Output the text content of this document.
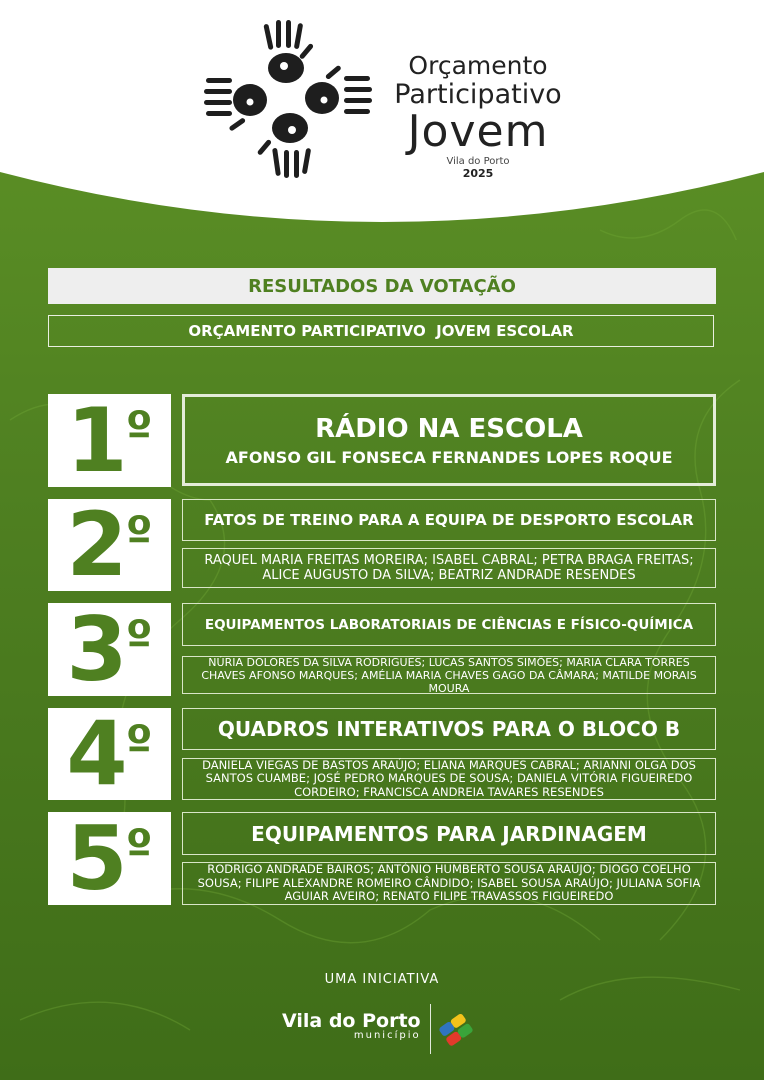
Orçamento
Participativo
Jovem
Vila do Porto
2025
RESULTADOS DA VOTAÇÃO
ORÇAMENTO PARTICIPATIVO  JOVEM ESCOLAR
1 º	RÁDIO NA ESCOLA
AFONSO GIL FONSECA FERNANDES LOPES ROQUE
2 º	FATOS DE TREINO PARA A EQUIPA DE DESPORTO ESCOLAR
RAQUEL MARIA FREITAS MOREIRA; ISABEL CABRAL; PETRA BRAGA FREITAS; ALICE AUGUSTO DA SILVA; BEATRIZ ANDRADE RESENDES
3 º	EQUIPAMENTOS LABORATORIAIS DE CIÊNCIAS E FÍSICO-QUÍMICA
NÚRIA DOLORES DA SILVA RODRIGUES; LUCAS SANTOS SIMÕES; MARIA CLARA TORRES CHAVES AFONSO MARQUES; AMÉLIA MARIA CHAVES GAGO DA CÂMARA; MATILDE MORAIS MOURA
4 º	QUADROS INTERATIVOS PARA O BLOCO B
DANIELA VIEGAS DE BASTOS ARAÚJO; ELIANA MARQUES CABRAL; ARIANNI OLGA DOS SANTOS CUAMBE; JOSÉ PEDRO MARQUES DE SOUSA; DANIELA VITÓRIA FIGUEIREDO CORDEIRO; FRANCISCA ANDREIA TAVARES RESENDES
5 º	EQUIPAMENTOS PARA JARDINAGEM
RODRIGO ANDRADE BAIROS; ANTÓNIO HUMBERTO SOUSA ARAÚJO; DIOGO COELHO SOUSA; FILIPE ALEXANDRE ROMEIRO CÂNDIDO; ISABEL SOUSA ARAÚJO; JULIANA SOFIA AGUIAR AVEIRO; RENATO FILIPE TRAVASSOS FIGUEIREDO
UMA INICIATIVA
Vila do Porto
município
